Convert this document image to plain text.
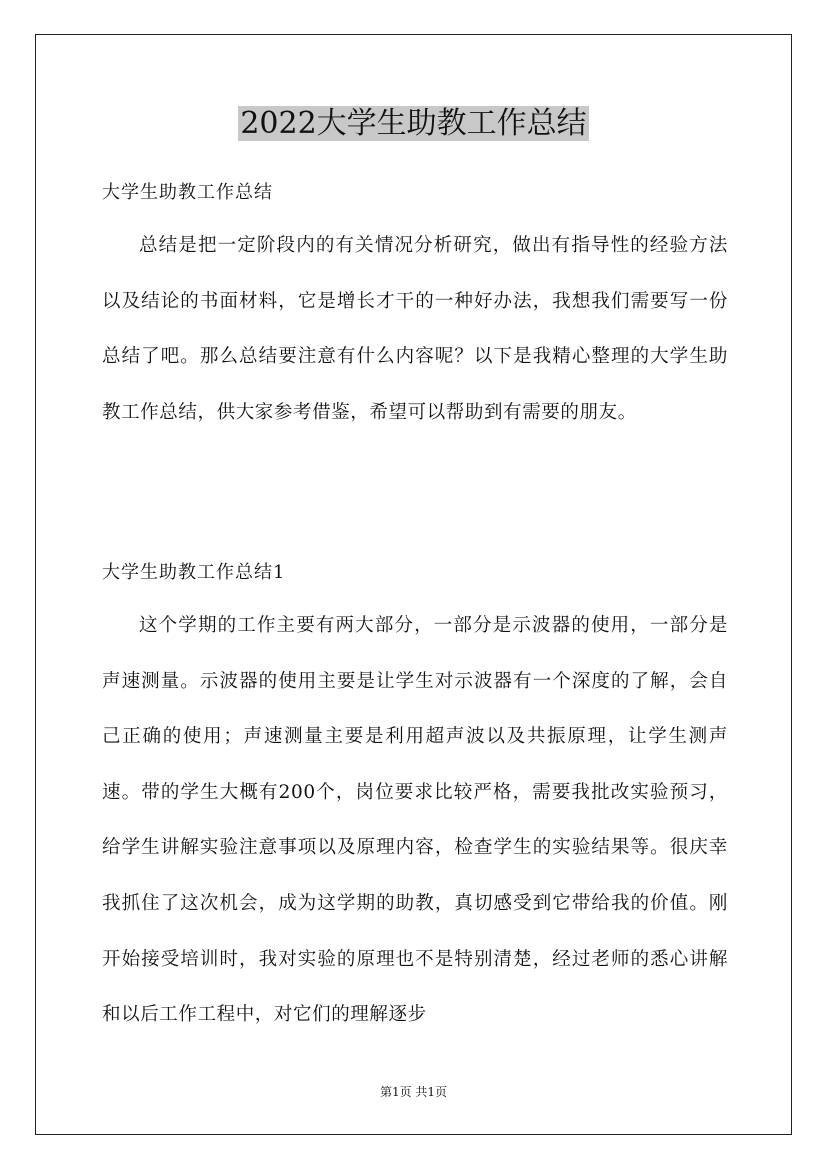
2022大学生助教工作总结
大学生助教工作总结

总结是把一定阶段内的有关情况分析研究，做出有指导性的经验方法以及结论的书面材料，它是增长才干的一种好办法，我想我们需要写一份总结了吧。那么总结要注意有什么内容呢？以下是我精心整理的大学生助教工作总结，供大家参考借鉴，希望可以帮助到有需要的朋友。

大学生助教工作总结1

这个学期的工作主要有两大部分，一部分是示波器的使用，一部分是声速测量。示波器的使用主要是让学生对示波器有一个深度的了解，会自己正确的使用；声速测量主要是利用超声波以及共振原理，让学生测声速。带的学生大概有200个，岗位要求比较严格，需要我批改实验预习，给学生讲解实验注意事项以及原理内容，检查学生的实验结果等。很庆幸我抓住了这次机会，成为这学期的助教，真切感受到它带给我的价值。刚开始接受培训时，我对实验的原理也不是特别清楚，经过老师的悉心讲解和以后工作工程中，对它们的理解逐步

第1页 共1页
